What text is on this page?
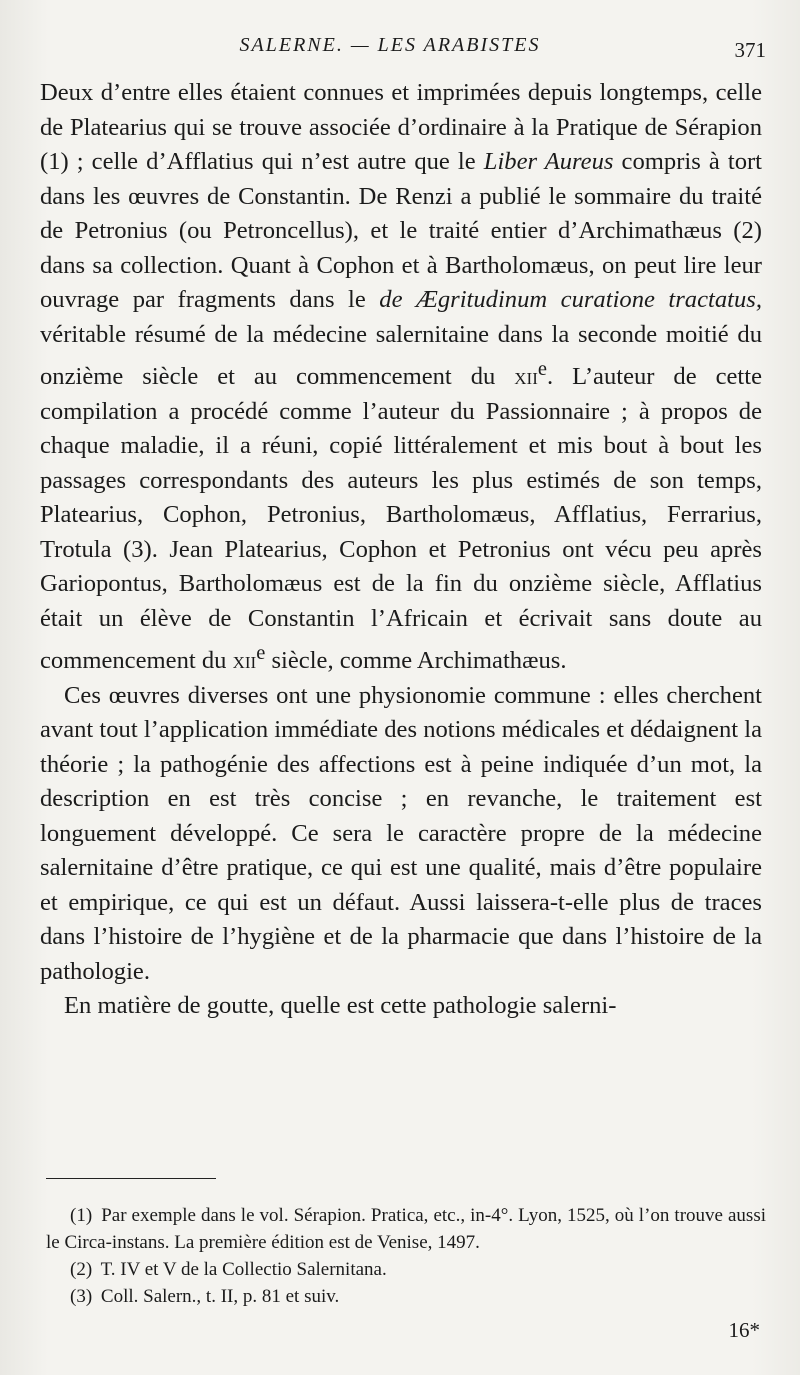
SALERNE. — LES ARABISTES	371

Deux d’entre elles étaient connues et imprimées depuis longtemps, celle de Platearius qui se trouve associée d’ordinaire à la Pratique de Sérapion (1) ; celle d’Afflatius qui n’est autre que le Liber Aureus compris à tort dans les œuvres de Constantin. De Renzi a publié le sommaire du traité de Petronius (ou Petroncellus), et le traité entier d’Archimathæus (2) dans sa collection. Quant à Cophon et à Bartholomæus, on peut lire leur ouvrage par fragments dans le de Ægritudinum curatione tractatus, véritable résumé de la médecine salernitaine dans la seconde moitié du onzième siècle et au commencement du xii$^e$. L’auteur de cette compilation a procédé comme l’auteur du Passionnaire ; à propos de chaque maladie, il a réuni, copié littéralement et mis bout à bout les passages correspondants des auteurs les plus estimés de son temps, Platearius, Cophon, Petronius, Bartholomæus, Afflatius, Ferrarius, Trotula (3). Jean Platearius, Cophon et Petronius ont vécu peu après Gariopontus, Bartholomæus est de la fin du onzième siècle, Afflatius était un élève de Constantin l’Africain et écrivait sans doute au commencement du xii$^e$ siècle, comme Archimathæus.

Ces œuvres diverses ont une physionomie commune : elles cherchent avant tout l’application immédiate des notions médicales et dédaignent la théorie ; la pathogénie des affections est à peine indiquée d’un mot, la description en est très concise ; en revanche, le traitement est longuement développé. Ce sera le caractère propre de la médecine salernitaine d’être pratique, ce qui est une qualité, mais d’être populaire et empirique, ce qui est un défaut. Aussi laissera-t-elle plus de traces dans l’histoire de l’hygiène et de la pharmacie que dans l’histoire de la pathologie.

En matière de goutte, quelle est cette pathologie salerni-

(1) Par exemple dans le vol. Sérapion. Pratica, etc., in-4°. Lyon, 1525, où l’on trouve aussi le Circa-instans. La première édition est de Venise, 1497.

(2) T. IV et V de la Collectio Salernitana.

(3) Coll. Salern., t. II, p. 81 et suiv.

16*
